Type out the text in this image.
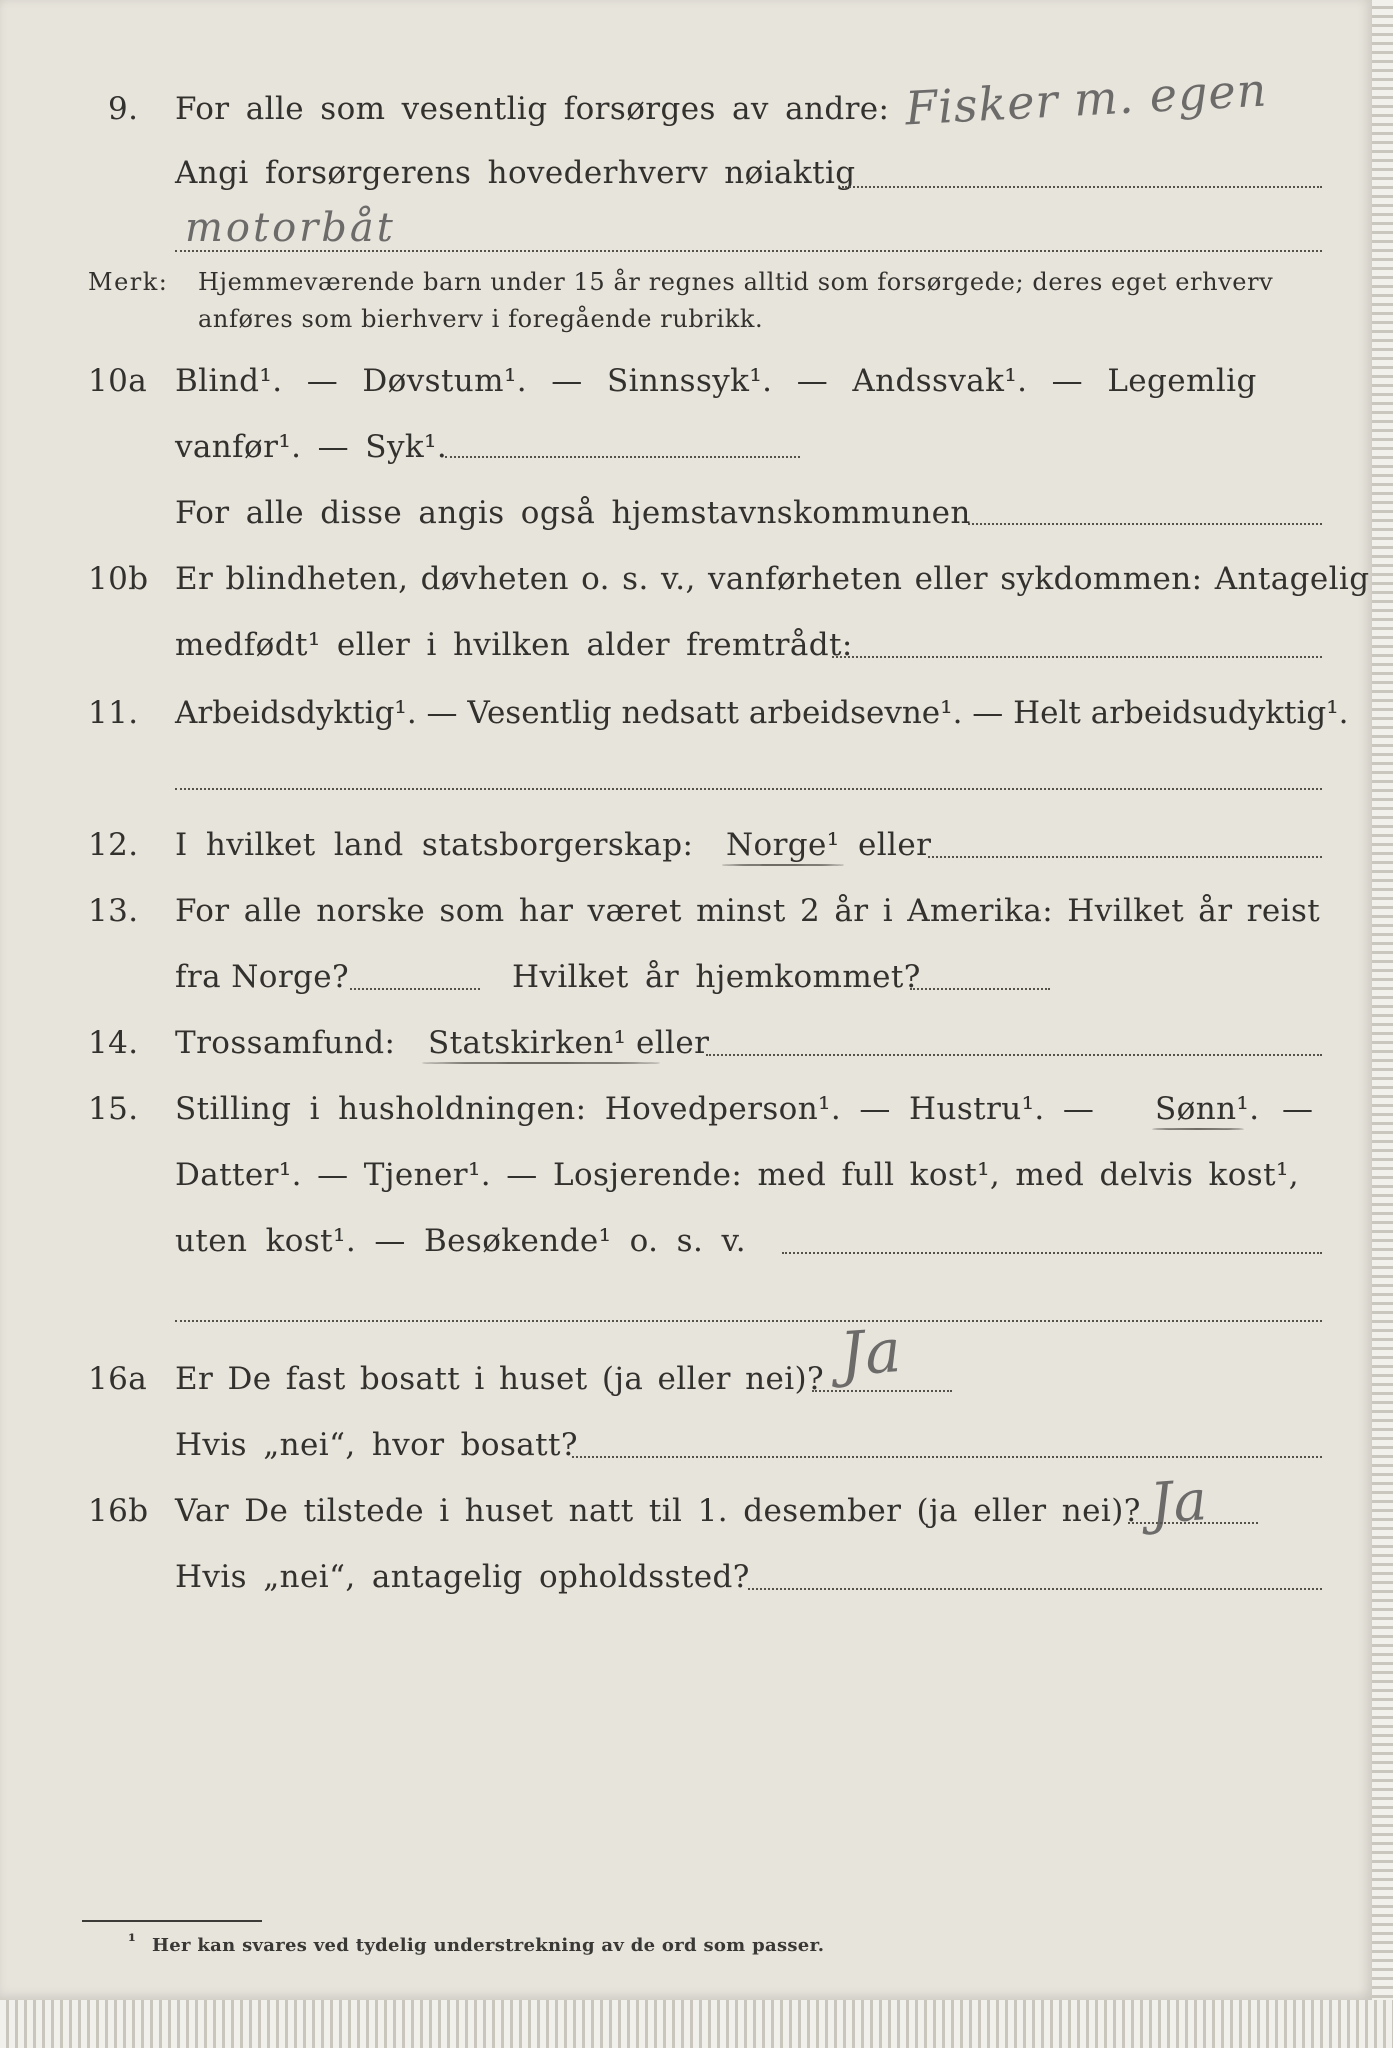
9. For alle som vesentlig forsørges av andre: Fisker m. egen
Angi forsørgerens hovederhverv nøiaktig
motorbåt
Merk: Hjemmeværende barn under 15 år regnes alltid som forsørgede; deres eget erhverv
anføres som bierhverv i foregående rubrikk.
10a Blind¹. — Døvstum¹. — Sinnssyk¹. — Andssvak¹. — Legemlig
vanfør¹. — Syk¹.
For alle disse angis også hjemstavnskommunen
10b Er blindheten, døvheten o. s. v., vanførheten eller sykdommen: Antagelig
medfødt¹ eller i hvilken alder fremtrådt:
11. Arbeidsdyktig¹. — Vesentlig nedsatt arbeidsevne¹. — Helt arbeidsudyktig¹.
12. I hvilket land statsborgerskap: Norge¹ eller
13. For alle norske som har været minst 2 år i Amerika: Hvilket år reist
fra Norge?	Hvilket år hjemkommet?
14. Trossamfund: Statskirken¹ eller
15. Stilling i husholdningen: Hovedperson¹. — Hustru¹. — Sønn¹. —
Datter¹. — Tjener¹. — Losjerende: med full kost¹, med delvis kost¹,
uten kost¹. — Besøkende¹ o. s. v.
16a Er De fast bosatt i huset (ja eller nei)? Ja
Hvis „nei“, hvor bosatt?
16b Var De tilstede i huset natt til 1. desember (ja eller nei)? Ja
Hvis „nei“, antagelig opholdssted?
¹ Her kan svares ved tydelig understrekning av de ord som passer.
